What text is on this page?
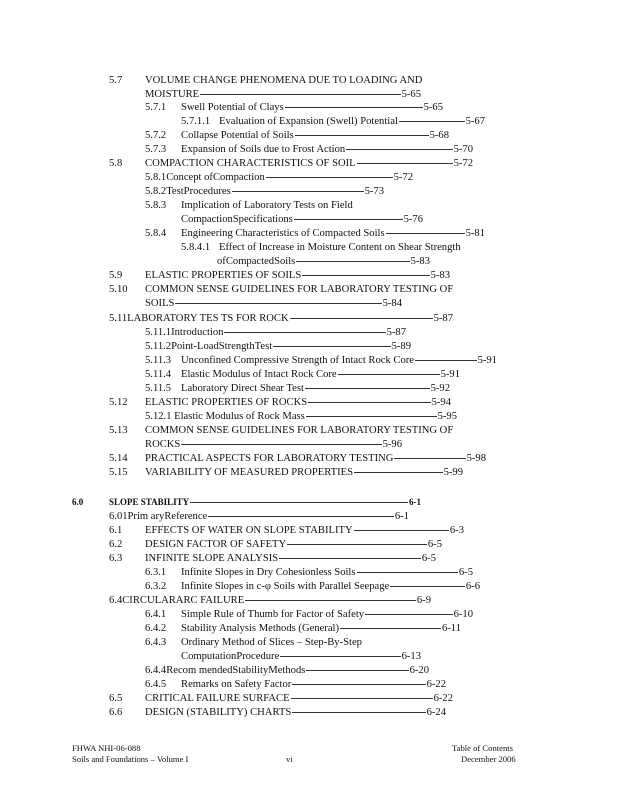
5.7 VOLUME CHANGE PHENOMENA DUE TO LOADING AND
MOISTURE	5-65
5.7.1 Swell Potential of Clays	5-65
5.7.1.1 Evaluation of Expansion (Swell) Potential	5-67
5.7.2 Collapse Potential of Soils	5-68
5.7.3 Expansion of Soils due to Frost Action	5-70
5.8 COMPACTION CHARACTERISTICS OF SOIL	5-72
5.8.1Concept ofCompaction	5-72
5.8.2TestProcedures	5-73
5.8.3 Implication of Laboratory Tests on Field
CompactionSpecifications	5-76
5.8.4 Engineering Characteristics of Compacted Soils	5-81
5.8.4.1 Effect of Increase in Moisture Content on Shear Strength
ofCompactedSoils	5-83
5.9 ELASTIC PROPERTIES OF SOILS	5-83
5.10 COMMON SENSE GUIDELINES FOR LABORATORY TESTING OF
SOILS	5-84
5.11LABORATORY TES TS FOR ROCK	5-87
5.11.1Introduction	5-87
5.11.2Point-LoadStrengthTest	5-89
5.11.3 Unconfined Compressive Strength of Intact Rock Core	5-91
5.11.4 Elastic Modulus of Intact Rock Core	5-91
5.11.5 Laboratory Direct Shear Test	5-92
5.12 ELASTIC PROPERTIES OF ROCKS	5-94
5.12.1 Elastic Modulus of Rock Mass	5-95
5.13 COMMON SENSE GUIDELINES FOR LABORATORY TESTING OF
ROCKS	5-96
5.14 PRACTICAL ASPECTS FOR LABORATORY TESTING	5-98
5.15 VARIABILITY OF MEASURED PROPERTIES	5-99
6.0	SLOPE STABILITY	6-1
6.01Prim aryReference	6-1
6.1 EFFECTS OF WATER ON SLOPE STABILITY	6-3
6.2 DESIGN FACTOR OF SAFETY	6-5
6.3 INFINITE SLOPE ANALYSIS	6-5
6.3.1 Infinite Slopes in Dry Cohesionless Soils	6-5
6.3.2 Infinite Slopes in c-φ Soils with Parallel Seepage	6-6
6.4CIRCULARARC FAILURE	6-9
6.4.1 Simple Rule of Thumb for Factor of Safety	6-10
6.4.2 Stability Analysis Methods (General)	6-11
6.4.3 Ordinary Method of Slices – Step-By-Step
ComputationProcedure	6-13
6.4.4Recom mendedStabilityMethods	6-20
6.4.5 Remarks on Safety Factor	6-22
6.5 CRITICAL FAILURE SURFACE	6-22
6.6 DESIGN (STABILITY) CHARTS	6-24
FHWA NHI-06-088
Soils and Foundations – Volume I	vi
Table of Contents
December 2006
